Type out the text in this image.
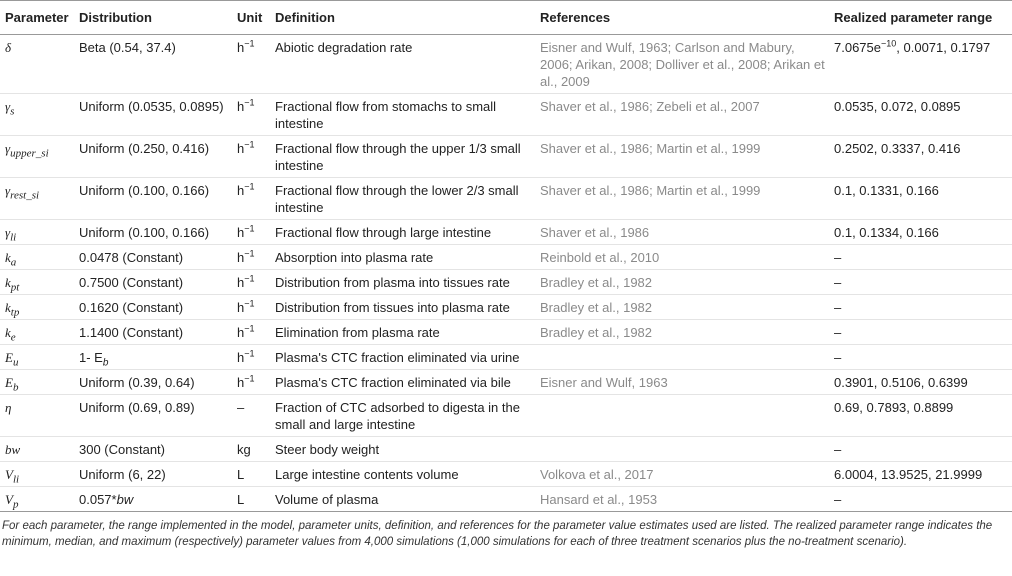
Parameter	Distribution	Unit	Definition	References	Realized parameter range
δ	Beta (0.54, 37.4)	$h^{-1}$	Abiotic degradation rate	Eisner and Wulf, 1963; Carlson and Mabury, 2006; Arikan, 2008; Dolliver et al., 2008; Arikan et al., 2009	$7.0675e^{-10}$, 0.0071, 0.1797
$\gamma_s$	Uniform (0.0535, 0.0895)	$h^{-1}$	Fractional flow from stomachs to small intestine	Shaver et al., 1986; Zebeli et al., 2007	0.0535, 0.072, 0.0895
$\gamma_{upper\_si}$	Uniform (0.250, 0.416)	$h^{-1}$	Fractional flow through the upper 1/3 small intestine	Shaver et al., 1986; Martin et al., 1999	0.2502, 0.3337, 0.416
$\gamma_{rest\_si}$	Uniform (0.100, 0.166)	$h^{-1}$	Fractional flow through the lower 2/3 small intestine	Shaver et al., 1986; Martin et al., 1999	0.1, 0.1331, 0.166
$\gamma_{li}$	Uniform (0.100, 0.166)	$h^{-1}$	Fractional flow through large intestine	Shaver et al., 1986	0.1, 0.1334, 0.166
$k_a$	0.0478 (Constant)	$h^{-1}$	Absorption into plasma rate	Reinbold et al., 2010	–
$k_{pt}$	0.7500 (Constant)	$h^{-1}$	Distribution from plasma into tissues rate	Bradley et al., 1982	–
$k_{tp}$	0.1620 (Constant)	$h^{-1}$	Distribution from tissues into plasma rate	Bradley et al., 1982	–
$k_e$	1.1400 (Constant)	$h^{-1}$	Elimination from plasma rate	Bradley et al., 1982	–
$E_u$	1- $E_b$	$h^{-1}$	Plasma's CTC fraction eliminated via urine		–
$E_b$	Uniform (0.39, 0.64)	$h^{-1}$	Plasma's CTC fraction eliminated via bile	Eisner and Wulf, 1963	0.3901, 0.5106, 0.6399
η	Uniform (0.69, 0.89)	–	Fraction of CTC adsorbed to digesta in the small and large intestine		0.69, 0.7893, 0.8899
bw	300 (Constant)	kg	Steer body weight		–
$V_{li}$	Uniform (6, 22)	L	Large intestine contents volume	Volkova et al., 2017	6.0004, 13.9525, 21.9999
$V_p$	0.057*bw	L	Volume of plasma	Hansard et al., 1953	–
For each parameter, the range implemented in the model, parameter units, definition, and references for the parameter value estimates used are listed. The realized parameter range indicates the minimum, median, and maximum (respectively) parameter values from 4,000 simulations (1,000 simulations for each of three treatment scenarios plus the no-treatment scenario).
